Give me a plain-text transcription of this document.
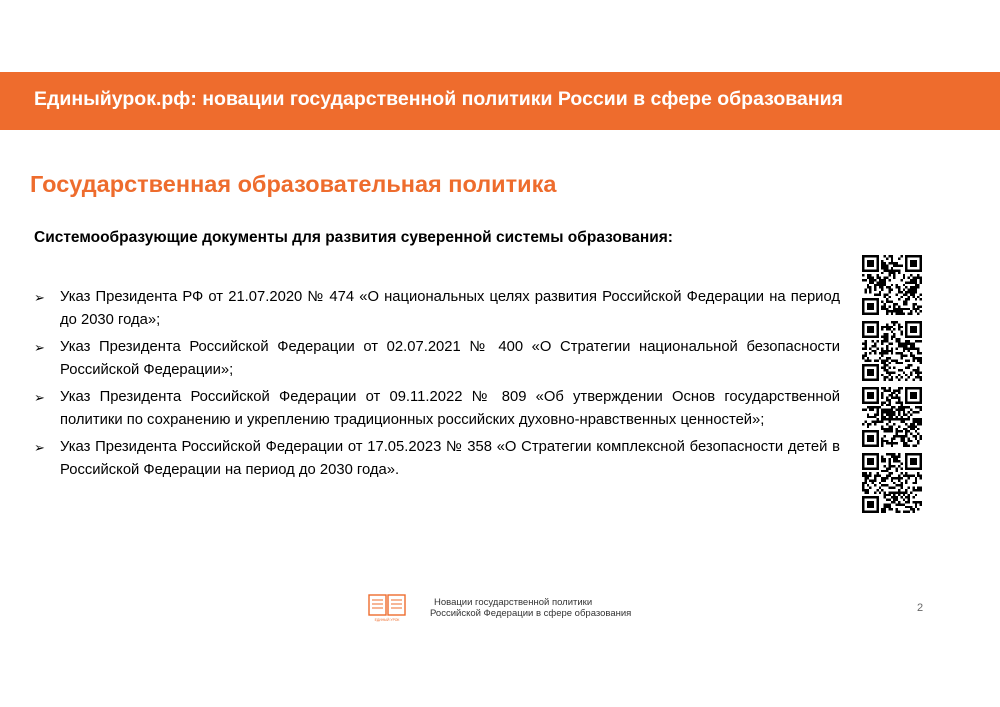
Единыйурок.рф: новации государственной политики России в сфере образования
Государственная образовательная политика
Системообразующие документы для развития суверенной системы образования:
➢ Указ Президента РФ от 21.07.2020 № 474 «О национальных целях развития Российской Федерации на период до 2030 года»;
➢ Указ Президента Российской Федерации от 02.07.2021 № 400 «О Стратегии национальной безопасности Российской Федерации»;
➢ Указ Президента Российской Федерации от 09.11.2022 № 809 «Об утверждении Основ государственной политики по сохранению и укреплению традиционных российских духовно-нравственных ценностей»;
➢ Указ Президента Российской Федерации от 17.05.2023 № 358 «О Стратегии комплексной безопасности детей в Российской Федерации на период до 2030 года».
ЕДИНЫЙ УРОК
Новации государственной политики
Российской Федерации в сфере образования	2
